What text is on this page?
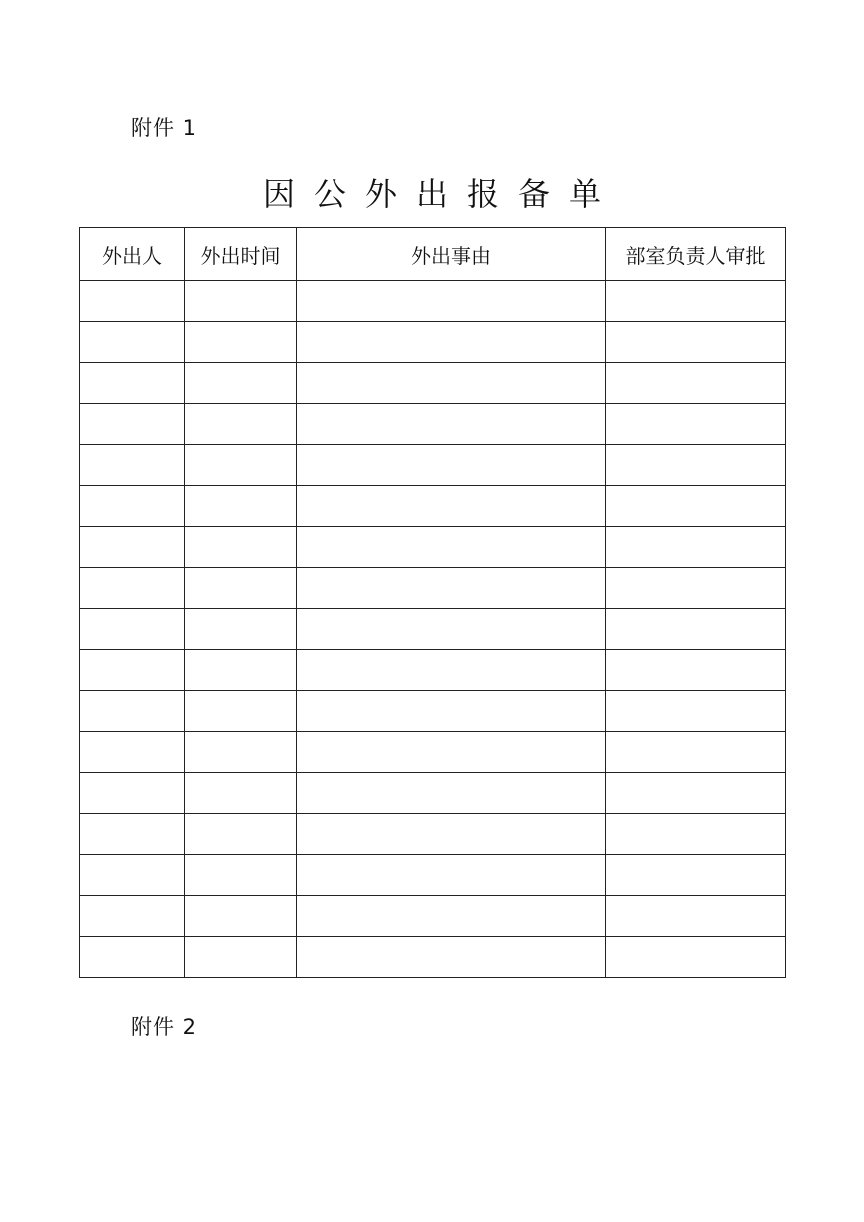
附件 1
因公外出报备单
外出人	外出时间	外出事由	部室负责人审批

附件 2
